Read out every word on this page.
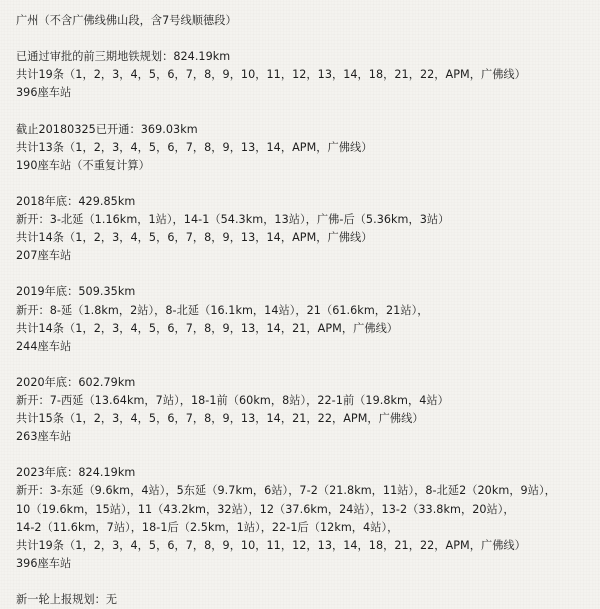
广州（不含广佛线佛山段，含7号线顺德段）
已通过审批的前三期地铁规划：824.19km
共计19条（1，2，3，4，5，6，7，8，9，10，11，12，13，14，18，21，22，APM，广佛线）
396座车站
截止20180325已开通：369.03km
共计13条（1，2，3，4，5，6，7，8，9，13，14，APM，广佛线）
190座车站（不重复计算）
2018年底：429.85km
新开：3-北延（1.16km，1站），14-1（54.3km，13站），广佛-后（5.36km，3站）
共计14条（1，2，3，4，5，6，7，8，9，13，14，APM，广佛线）
207座车站
2019年底：509.35km
新开：8-延（1.8km，2站），8-北延（16.1km，14站），21（61.6km，21站），
共计14条（1，2，3，4，5，6，7，8，9，13，14，21，APM，广佛线）
244座车站
2020年底：602.79km
新开：7-西延（13.64km，7站），18-1前（60km，8站），22-1前（19.8km，4站）
共计15条（1，2，3，4，5，6，7，8，9，13，14，21，22，APM，广佛线）
263座车站
2023年底：824.19km
新开：3-东延（9.6km，4站），5东延（9.7km，6站），7-2（21.8km，11站），8-北延2（20km，9站），
10（19.6km，15站），11（43.2km，32站），12（37.6km，24站），13-2（33.8km，20站），
14-2（11.6km，7站），18-1后（2.5km，1站），22-1后（12km，4站），
共计19条（1，2，3，4，5，6，7，8，9，10，11，12，13，14，18，21，22，APM，广佛线）
396座车站
新一轮上报规划：无
